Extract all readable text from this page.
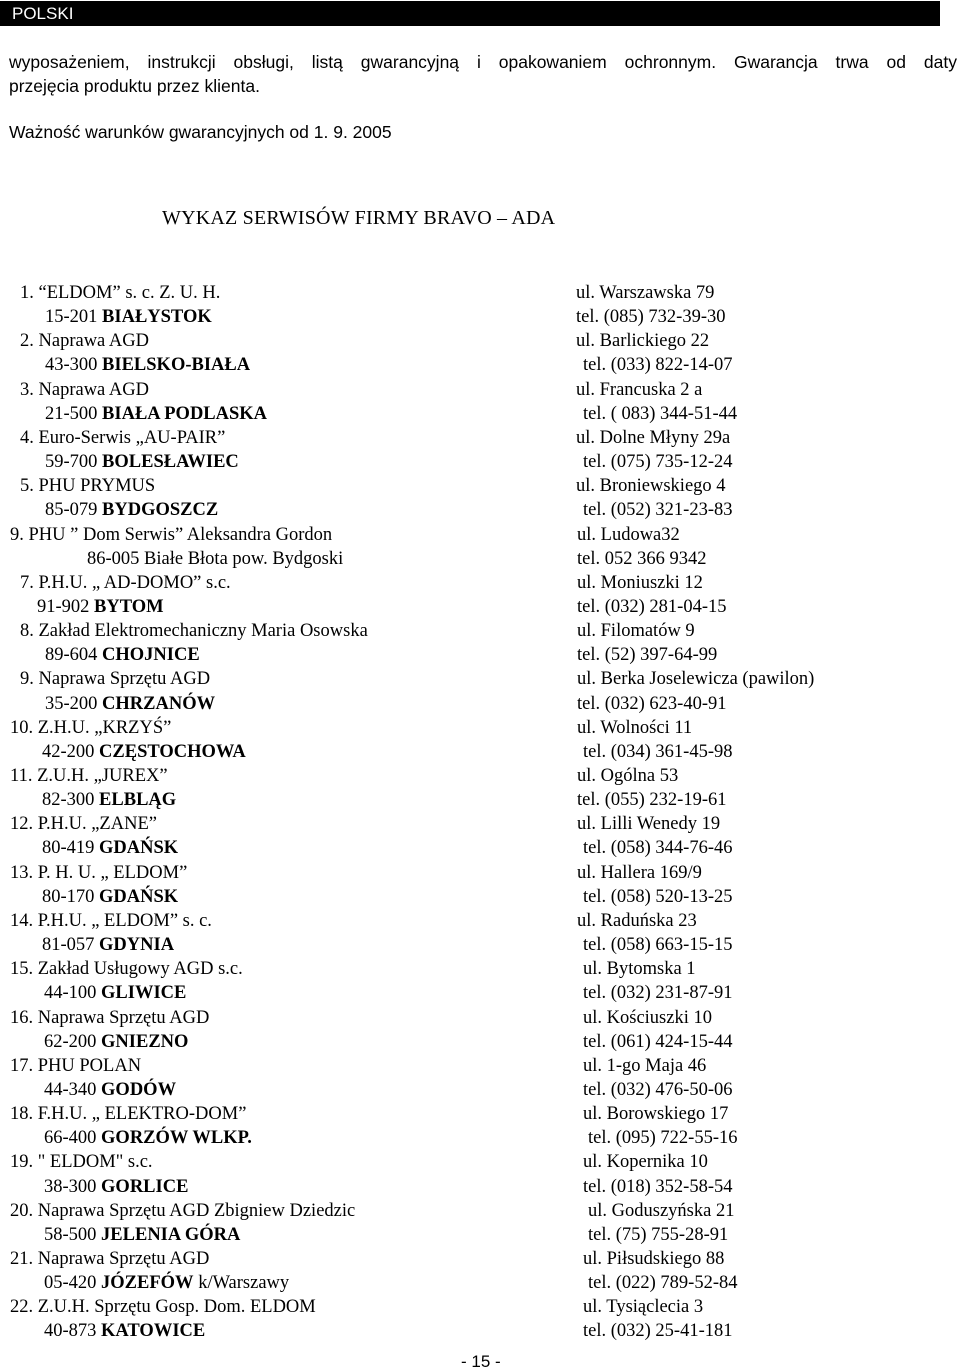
POLSKI
wyposażeniem, instrukcji obsługi, listą gwarancyjną i opakowaniem ochronnym. Gwarancja trwa od daty
przejęcia produktu przez klienta.
Ważność warunków gwarancyjnych od 1. 9. 2005
WYKAZ SERWISÓW FIRMY BRAVO – ADA
1. “ELDOM” s. c. Z. U. H.	ul. Warszawska 79
15-201 BIAŁYSTOK	tel. (085) 732-39-30
2. Naprawa AGD	ul. Barlickiego 22
43-300 BIELSKO-BIAŁA	tel. (033) 822-14-07
3. Naprawa AGD	ul. Francuska 2 a
21-500 BIAŁA PODLASKA	tel. ( 083) 344-51-44
4. Euro-Serwis „AU-PAIR”	ul. Dolne Młyny 29a
59-700 BOLESŁAWIEC	tel. (075) 735-12-24
5. PHU PRYMUS	ul. Broniewskiego 4
85-079 BYDGOSZCZ	tel. (052) 321-23-83
9. PHU ” Dom Serwis” Aleksandra Gordon	ul. Ludowa32
86-005 Białe Błota pow. Bydgoski	tel. 052 366 9342
7. P.H.U. „ AD-DOMO” s.c.	ul. Moniuszki 12
91-902 BYTOM	tel. (032) 281-04-15
8. Zakład Elektromechaniczny Maria Osowska	ul. Filomatów 9
89-604 CHOJNICE	tel. (52) 397-64-99
9. Naprawa Sprzętu AGD	ul. Berka Joselewicza (pawilon)
35-200 CHRZANÓW	tel. (032) 623-40-91
10. Z.H.U. „KRZYŚ”	ul. Wolności 11
42-200 CZĘSTOCHOWA	tel. (034) 361-45-98
11. Z.U.H. „JUREX”	ul. Ogólna 53
82-300 ELBLĄG	tel. (055) 232-19-61
12. P.H.U. „ZANE”	ul. Lilli Wenedy 19
80-419 GDAŃSK	tel. (058) 344-76-46
13. P. H. U. „ ELDOM”	ul. Hallera 169/9
80-170 GDAŃSK	tel. (058) 520-13-25
14. P.H.U. „ ELDOM” s. c.	ul. Raduńska 23
81-057 GDYNIA	tel. (058) 663-15-15
15. Zakład Usługowy AGD s.c.	ul. Bytomska 1
44-100 GLIWICE	tel. (032) 231-87-91
16. Naprawa Sprzętu AGD	ul. Kościuszki 10
62-200 GNIEZNO	tel. (061) 424-15-44
17. PHU POLAN	ul. 1-go Maja 46
44-340 GODÓW	tel. (032) 476-50-06
18. F.H.U. „ ELEKTRO-DOM”	ul. Borowskiego 17
66-400 GORZÓW WLKP.	tel. (095) 722-55-16
19. " ELDOM" s.c.	ul. Kopernika 10
38-300 GORLICE	tel. (018) 352-58-54
20. Naprawa Sprzętu AGD Zbigniew Dziedzic	ul. Goduszyńska 21
58-500 JELENIA GÓRA	tel. (75) 755-28-91
21. Naprawa Sprzętu AGD	ul. Piłsudskiego 88
05-420 JÓZEFÓW k/Warszawy	tel. (022) 789-52-84
22. Z.U.H. Sprzętu Gosp. Dom. ELDOM	ul. Tysiąclecia 3
40-873 KATOWICE	tel. (032) 25-41-181
- 15 -
